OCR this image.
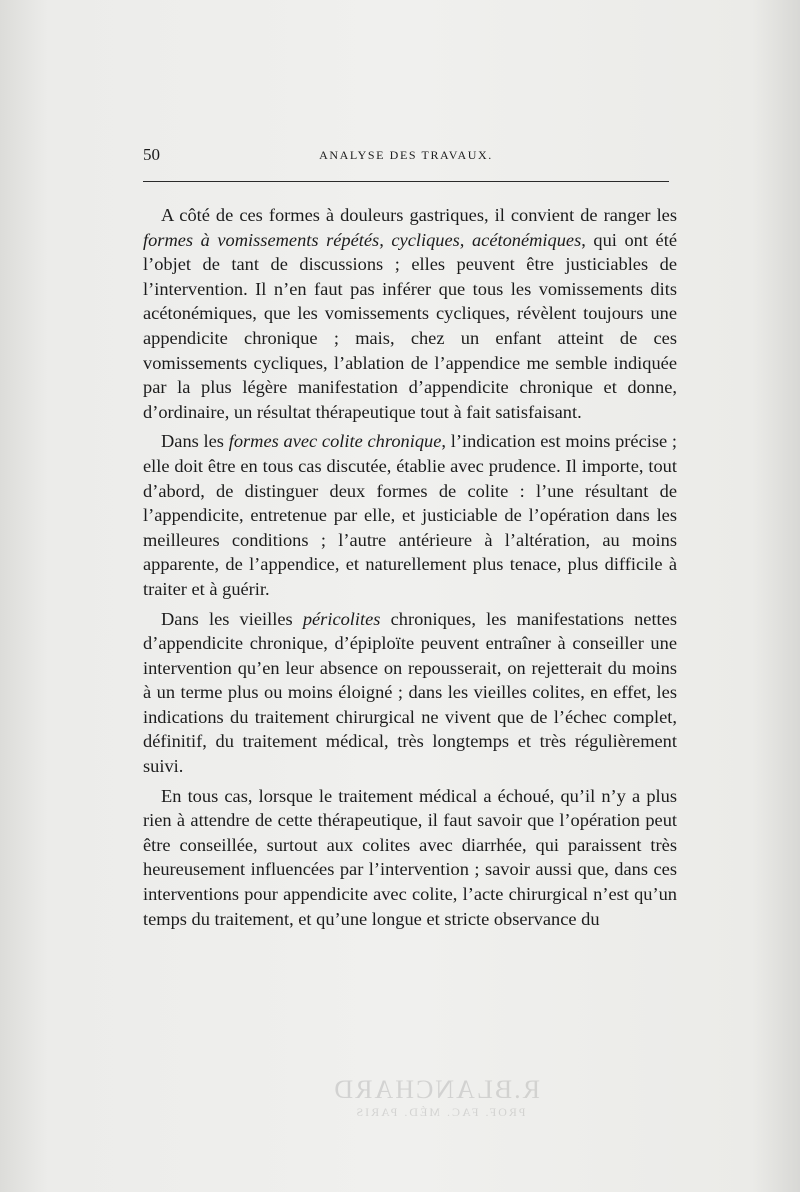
50	ANALYSE DES TRAVAUX.

A côté de ces formes à douleurs gastriques, il convient de ranger les formes à vomissements répétés, cycliques, acétonémiques, qui ont été l’objet de tant de discussions ; elles peuvent être justiciables de l’intervention. Il n’en faut pas inférer que tous les vomissements dits acétonémiques, que les vomissements cycliques, révèlent toujours une appendicite chronique ; mais, chez un enfant atteint de ces vomissements cycliques, l’ablation de l’appendice me semble indiquée par la plus légère manifestation d’appendicite chronique et donne, d’ordinaire, un résultat thérapeutique tout à fait satisfaisant.

Dans les formes avec colite chronique, l’indication est moins précise ; elle doit être en tous cas discutée, établie avec prudence. Il importe, tout d’abord, de distinguer deux formes de colite : l’une résultant de l’appendicite, entretenue par elle, et justiciable de l’opération dans les meilleures conditions ; l’autre antérieure à l’altération, au moins apparente, de l’appendice, et naturellement plus tenace, plus difficile à traiter et à guérir.

Dans les vieilles péricolites chroniques, les manifestations nettes d’appendicite chronique, d’épiploïte peuvent entraîner à conseiller une intervention qu’en leur absence on repousserait, on rejetterait du moins à un terme plus ou moins éloigné ; dans les vieilles colites, en effet, les indications du traitement chirurgical ne vivent que de l’échec complet, définitif, du traitement médical, très longtemps et très régulièrement suivi.

En tous cas, lorsque le traitement médical a échoué, qu’il n’y a plus rien à attendre de cette thérapeutique, il faut savoir que l’opération peut être conseillée, surtout aux colites avec diarrhée, qui paraissent très heureusement influencées par l’intervention ; savoir aussi que, dans ces interventions pour appendicite avec colite, l’acte chirurgical n’est qu’un temps du traitement, et qu’une longue et stricte observance du

R.BLANCHARD
PROF. FAC. MÉD. PARIS
